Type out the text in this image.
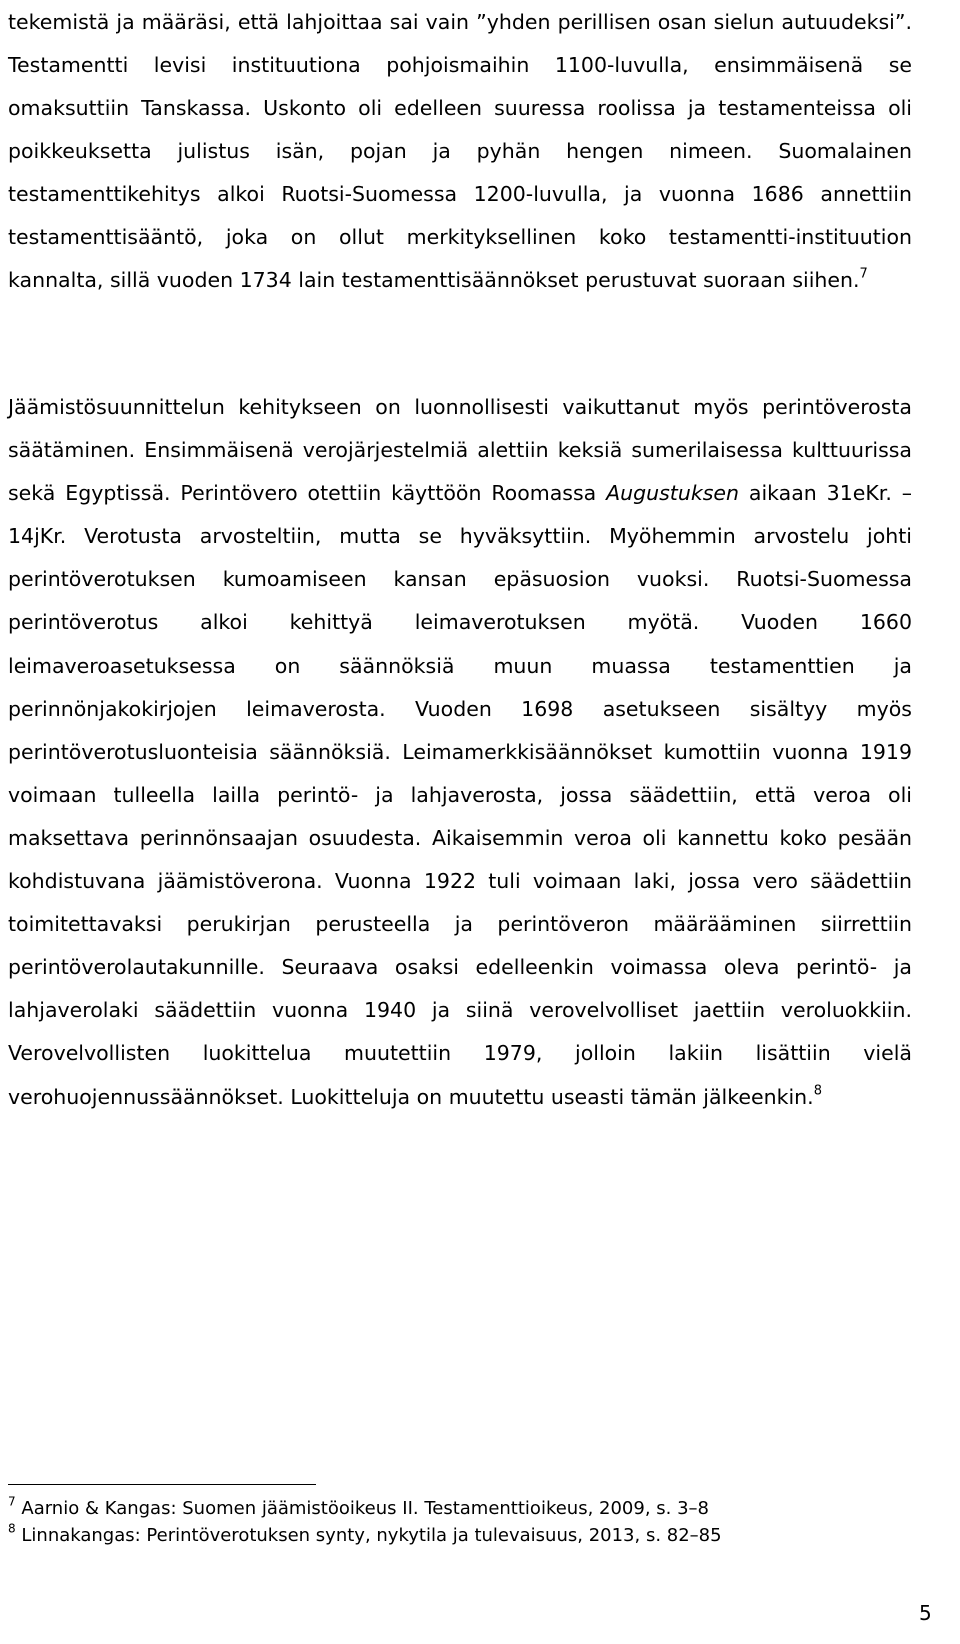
tekemistä ja määräsi, että lahjoittaa sai vain ”yhden perillisen osan sielun autuudeksi”. Testamentti levisi instituutiona pohjoismaihin 1100-luvulla, ensimmäisenä se omaksuttiin Tanskassa. Uskonto oli edelleen suuressa roolissa ja testamenteissa oli poikkeuksetta julistus isän, pojan ja pyhän hengen nimeen. Suomalainen testamenttikehitys alkoi Ruotsi-Suomessa 1200-luvulla, ja vuonna 1686 annettiin testamenttisääntö, joka on ollut merkityksellinen koko testamentti-instituution kannalta, sillä vuoden 1734 lain testamenttisäännökset perustuvat suoraan siihen.$^7$

Jäämistösuunnittelun kehitykseen on luonnollisesti vaikuttanut myös perintöverosta säätäminen. Ensimmäisenä verojärjestelmiä alettiin keksiä sumerilaisessa kulttuurissa sekä Egyptissä. Perintövero otettiin käyttöön Roomassa Augustuksen aikaan 31eKr. – 14jKr. Verotusta arvosteltiin, mutta se hyväksyttiin. Myöhemmin arvostelu johti perintöverotuksen kumoamiseen kansan epäsuosion vuoksi. Ruotsi-Suomessa perintöverotus alkoi kehittyä leimaverotuksen myötä. Vuoden 1660 leimaveroasetuksessa on säännöksiä muun muassa testamenttien ja perinnönjakokirjojen leimaverosta. Vuoden 1698 asetukseen sisältyy myös perintöverotusluonteisia säännöksiä. Leimamerkkisäännökset kumottiin vuonna 1919 voimaan tulleella lailla perintö- ja lahjaverosta, jossa säädettiin, että veroa oli maksettava perinnönsaajan osuudesta. Aikaisemmin veroa oli kannettu koko pesään kohdistuvana jäämistöverona. Vuonna 1922 tuli voimaan laki, jossa vero säädettiin toimitettavaksi perukirjan perusteella ja perintöveron määrääminen siirrettiin perintöverolautakunnille. Seuraava osaksi edelleenkin voimassa oleva perintö- ja lahjaverolaki säädettiin vuonna 1940 ja siinä verovelvolliset jaettiin veroluokkiin. Verovelvollisten luokittelua muutettiin 1979, jolloin lakiin lisättiin vielä verohuojennussäännökset. Luokitteluja on muutettu useasti tämän jälkeenkin.$^8$

$^7$ Aarnio & Kangas: Suomen jäämistöoikeus II. Testamenttioikeus, 2009, s. 3–8

$^8$ Linnakangas: Perintöverotuksen synty, nykytila ja tulevaisuus, 2013, s. 82–85

5
